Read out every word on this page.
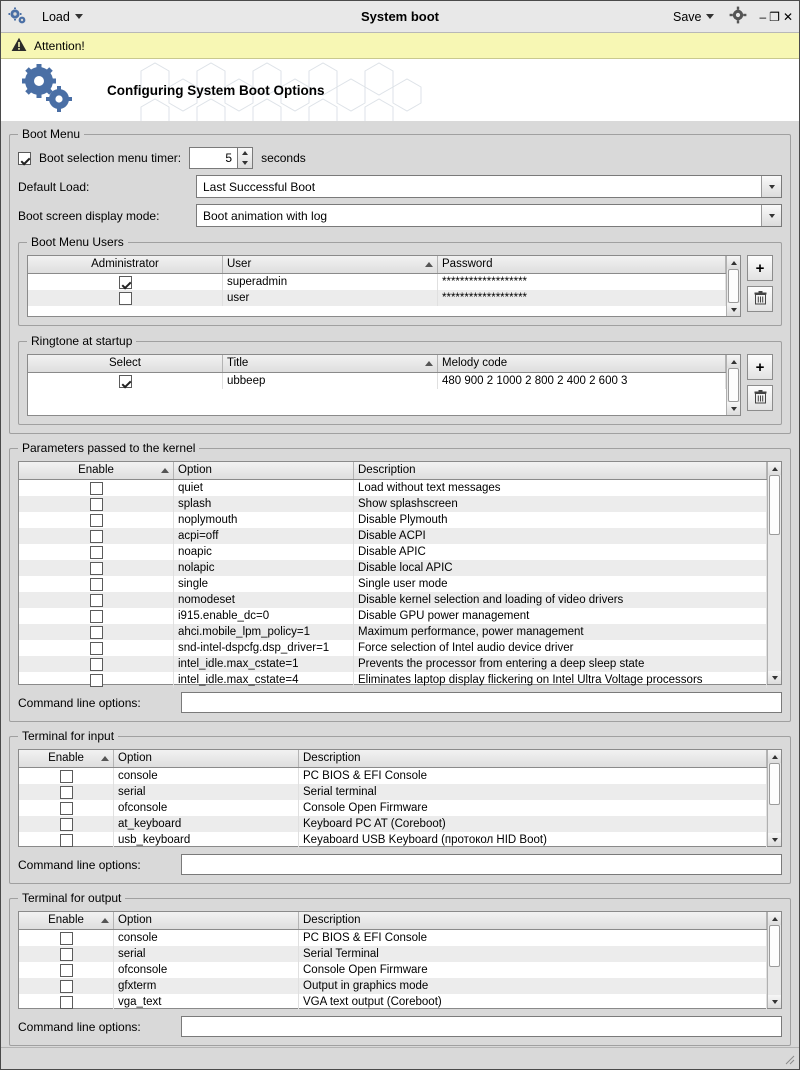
Load	System boot	Save	– ❐ ✕
Attention!
Configuring System Boot Options
Boot Menu
Boot selection menu timer:
5	seconds
Default Load:	Last Successful Boot
Boot screen display mode:	Boot animation with log
Boot Menu Users
Administrator	User	Password
superadmin	*******************
user	*******************
+
Ringtone at startup
Select	Title	Melody code
ubbeep	480 900 2 1000 2 800 2 400 2 600 3
+
Parameters passed to the kernel
Enable	Option	Description
quiet	Load without text messages
splash	Show splashscreen
noplymouth	Disable Plymouth
acpi=off	Disable ACPI
noapic	Disable APIC
nolapic	Disable local APIC
single	Single user mode
nomodeset	Disable kernel selection and loading of video drivers
i915.enable_dc=0	Disable GPU power management
ahci.mobile_lpm_policy=1	Maximum performance, power management
snd-intel-dspcfg.dsp_driver=1	Force selection of Intel audio device driver
intel_idle.max_cstate=1	Prevents the processor from entering a deep sleep state
intel_idle.max_cstate=4	Eliminates laptop display flickering on Intel Ultra Voltage processors
Command line options:
Terminal for input
Enable	Option	Description
console	PC BIOS & EFI Console
serial	Serial terminal
ofconsole	Console Open Firmware
at_keyboard	Keyboard PC AT (Coreboot)
usb_keyboard	Keyaboard USB Keyboard (протокол HID Boot)
Command line options:
Terminal for output
Enable	Option	Description
console	PC BIOS & EFI Console
serial	Serial Terminal
ofconsole	Console Open Firmware
gfxterm	Output in graphics mode
vga_text	VGA text output (Coreboot)
Command line options:
